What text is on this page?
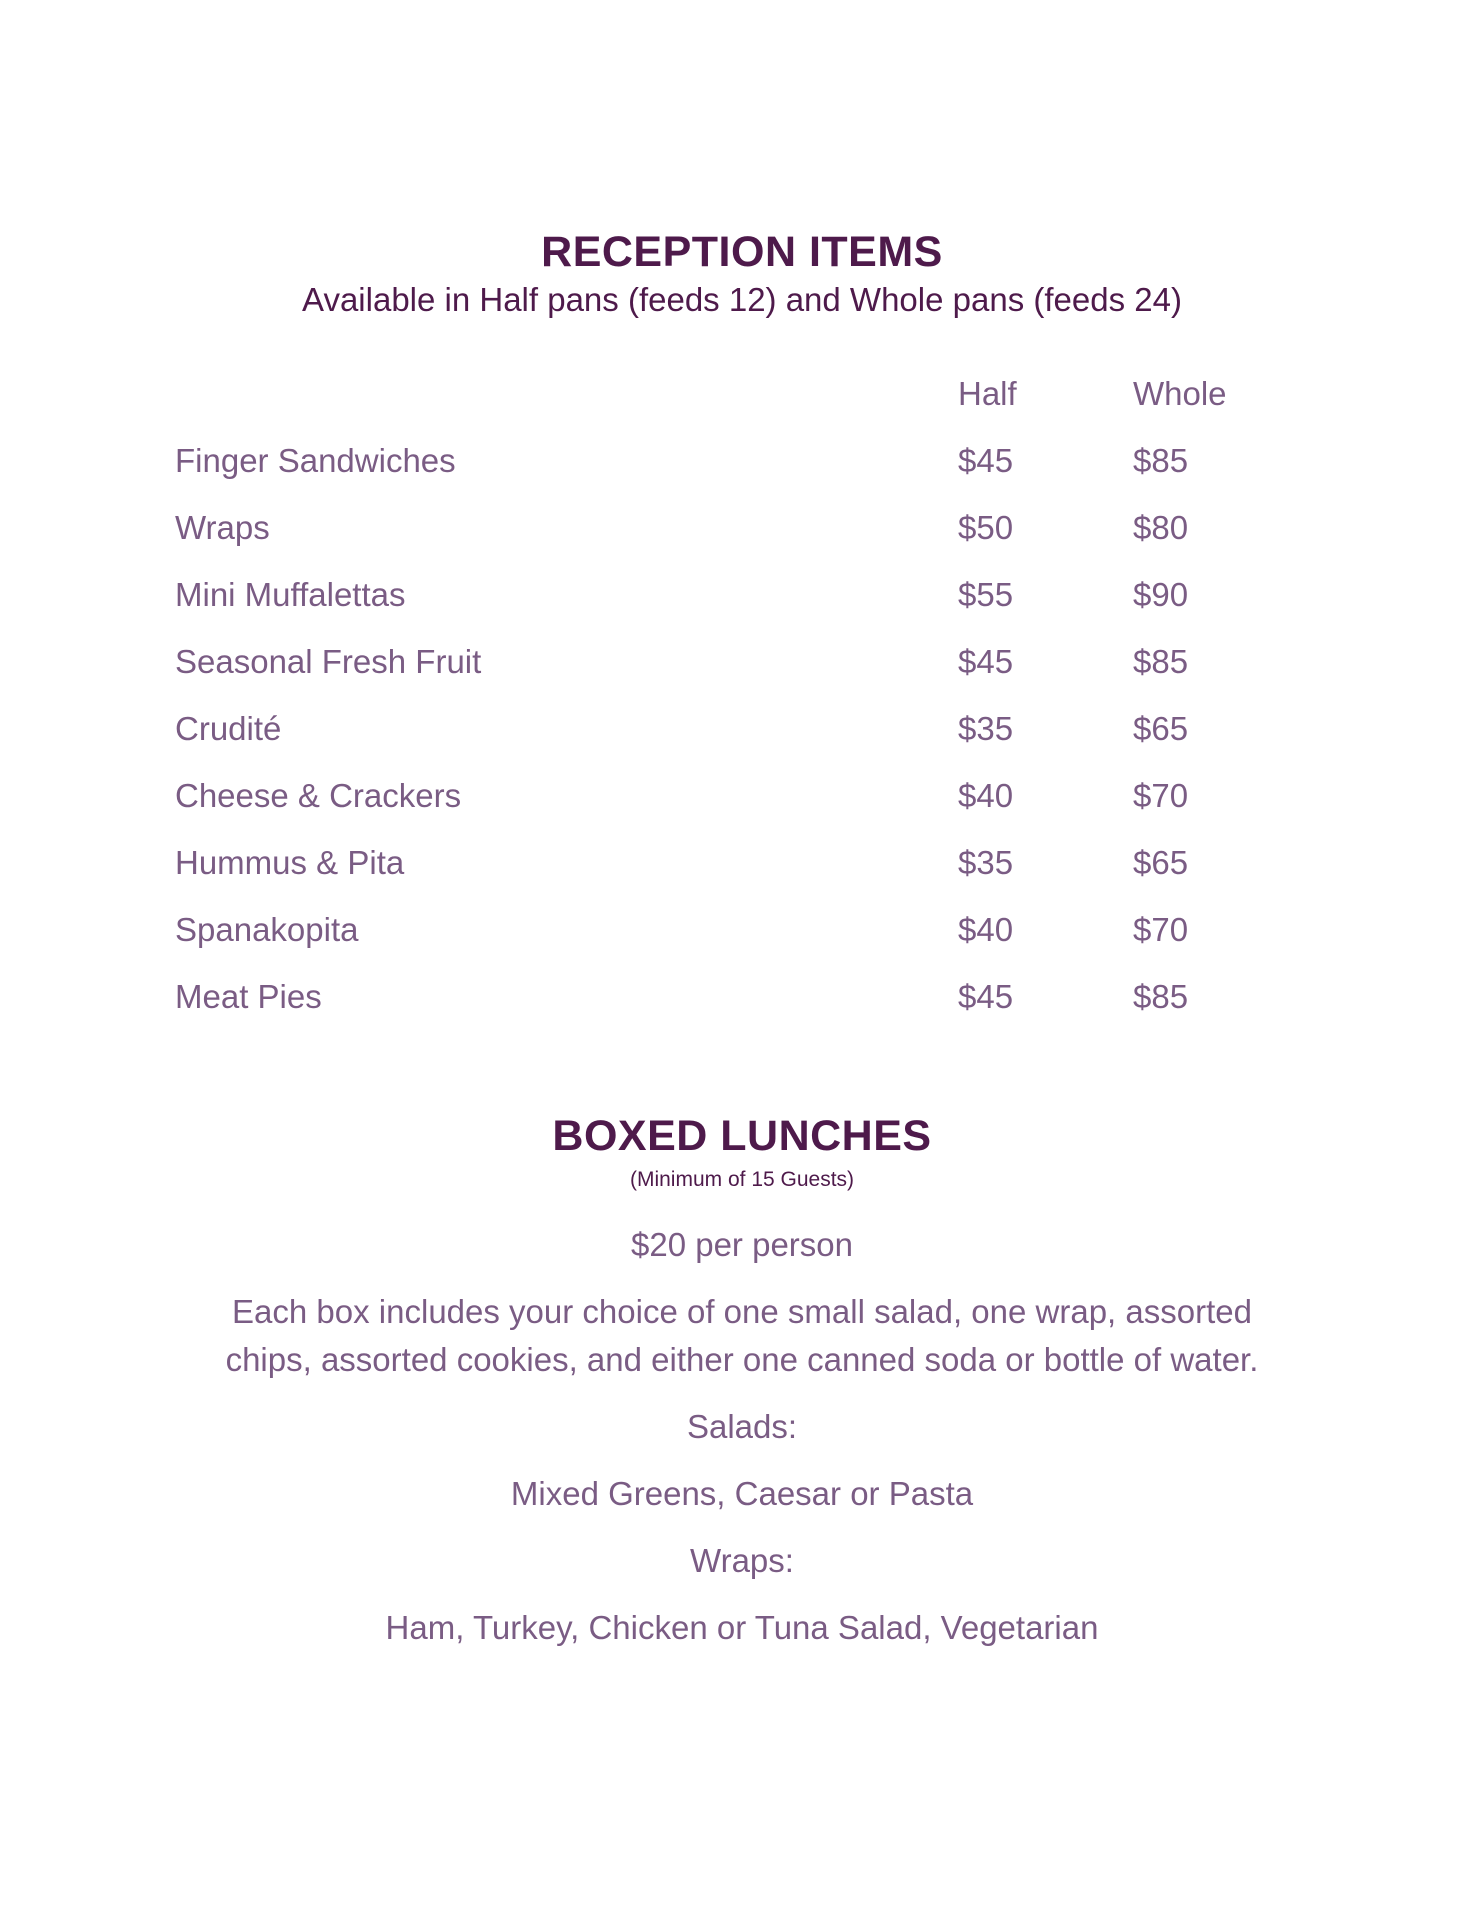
RECEPTION ITEMS
Available in Half pans (feeds 12) and Whole pans (feeds 24)
Half	Whole
Finger Sandwiches	$45	$85
Wraps	$50	$80
Mini Muffalettas	$55	$90
Seasonal Fresh Fruit	$45	$85
Crudité	$35	$65
Cheese & Crackers	$40	$70
Hummus & Pita	$35	$65
Spanakopita	$40	$70
Meat Pies	$45	$85
BOXED LUNCHES
(Minimum of 15 Guests)
$20 per person
Each box includes your choice of one small salad, one wrap, assorted
chips, assorted cookies, and either one canned soda or bottle of water.
Salads:
Mixed Greens, Caesar or Pasta
Wraps:
Ham, Turkey, Chicken or Tuna Salad, Vegetarian
